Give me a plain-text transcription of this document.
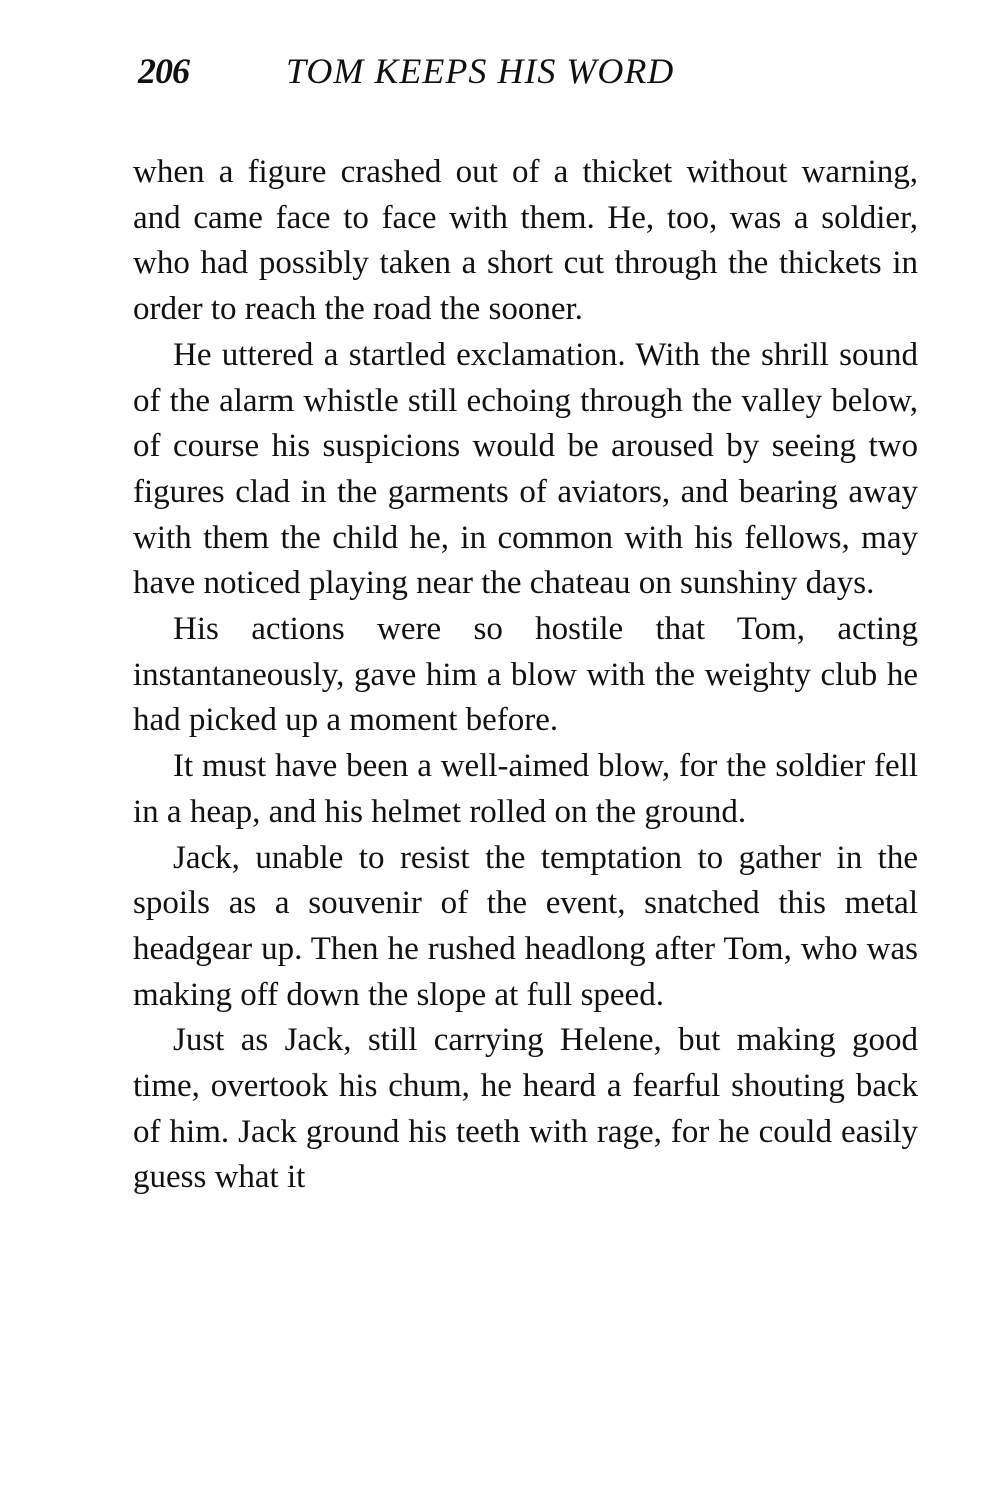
206	TOM KEEPS HIS WORD

when a figure crashed out of a thicket without warning, and came face to face with them. He, too, was a soldier, who had possibly taken a short cut through the thickets in order to reach the road the sooner.

He uttered a startled exclamation. With the shrill sound of the alarm whistle still echoing through the valley below, of course his suspicions would be aroused by seeing two figures clad in the garments of aviators, and bearing away with them the child he, in common with his fellows, may have noticed playing near the chateau on sunshiny days.

His actions were so hostile that Tom, acting instantaneously, gave him a blow with the weighty club he had picked up a moment before.

It must have been a well-aimed blow, for the soldier fell in a heap, and his helmet rolled on the ground.

Jack, unable to resist the temptation to gather in the spoils as a souvenir of the event, snatched this metal headgear up. Then he rushed headlong after Tom, who was making off down the slope at full speed.

Just as Jack, still carrying Helene, but making good time, overtook his chum, he heard a fearful shouting back of him. Jack ground his teeth with rage, for he could easily guess what it
